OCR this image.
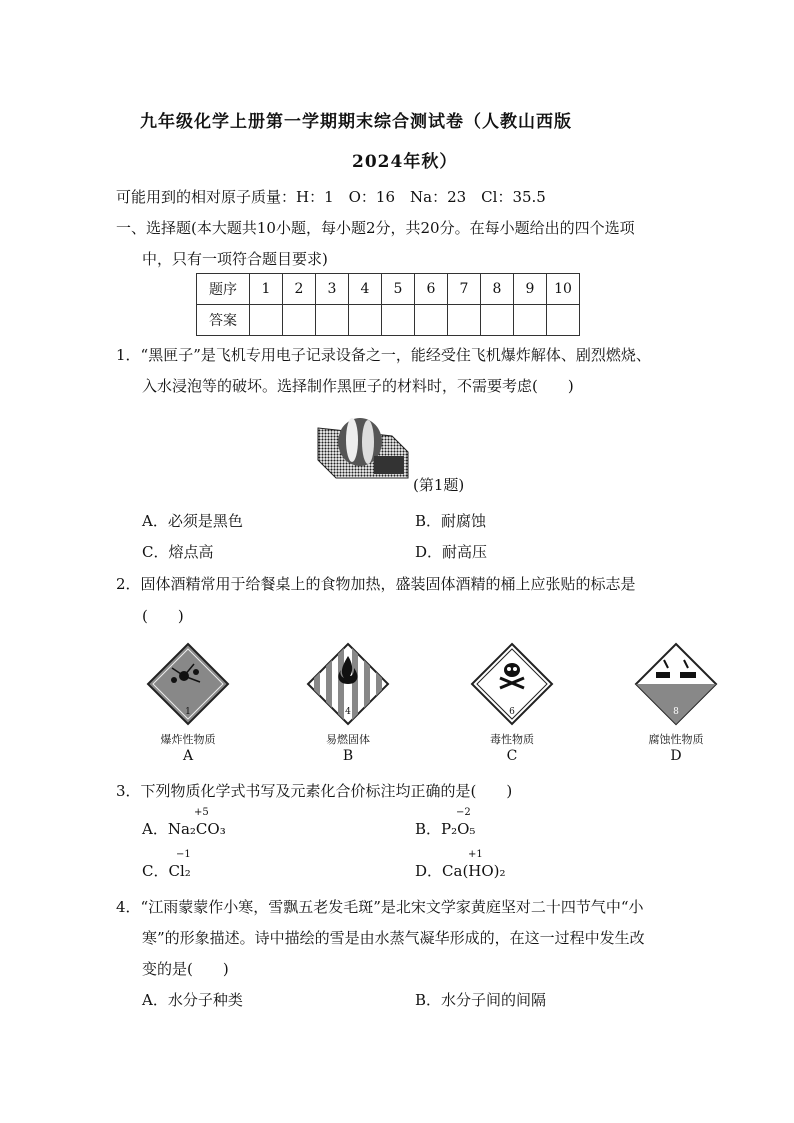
九年级化学上册第一学期期末综合测试卷（人教山西版
2024年秋）
可能用到的相对原子质量：H：1　O：16　Na：23　Cl：35.5
一、选择题(本大题共10小题，每小题2分，共20分。在每小题给出的四个选项
中，只有一项符合题目要求)
题序	1	2	3	4	5	6	7	8	9	10
答案										
1．“黑匣子”是飞机专用电子记录设备之一，能经受住飞机爆炸解体、剧烈燃烧、
入水浸泡等的破坏。选择制作黑匣子的材料时，不需要考虑(　　)
(第1题)
A．必须是黑色	B．耐腐蚀
C．熔点高	D．耐高压
2．固体酒精常用于给餐桌上的食物加热，盛装固体酒精的桶上应张贴的标志是
(　　)
1
爆炸性物质
A
4
易燃固体
B
6
毒性物质
C
8
腐蚀性物质
D
3．下列物质化学式书写及元素化合价标注均正确的是(　　)
A．Na₂CO₃
+5
B．P₂O₅
−2
C．Cl₂
−1
D．Ca(HO)₂
+1
4．“江雨蒙蒙作小寒，雪飘五老发毛斑”是北宋文学家黄庭坚对二十四节气中“小
寒”的形象描述。诗中描绘的雪是由水蒸气凝华形成的，在这一过程中发生改
变的是(　　)
A．水分子种类	B．水分子间的间隔
